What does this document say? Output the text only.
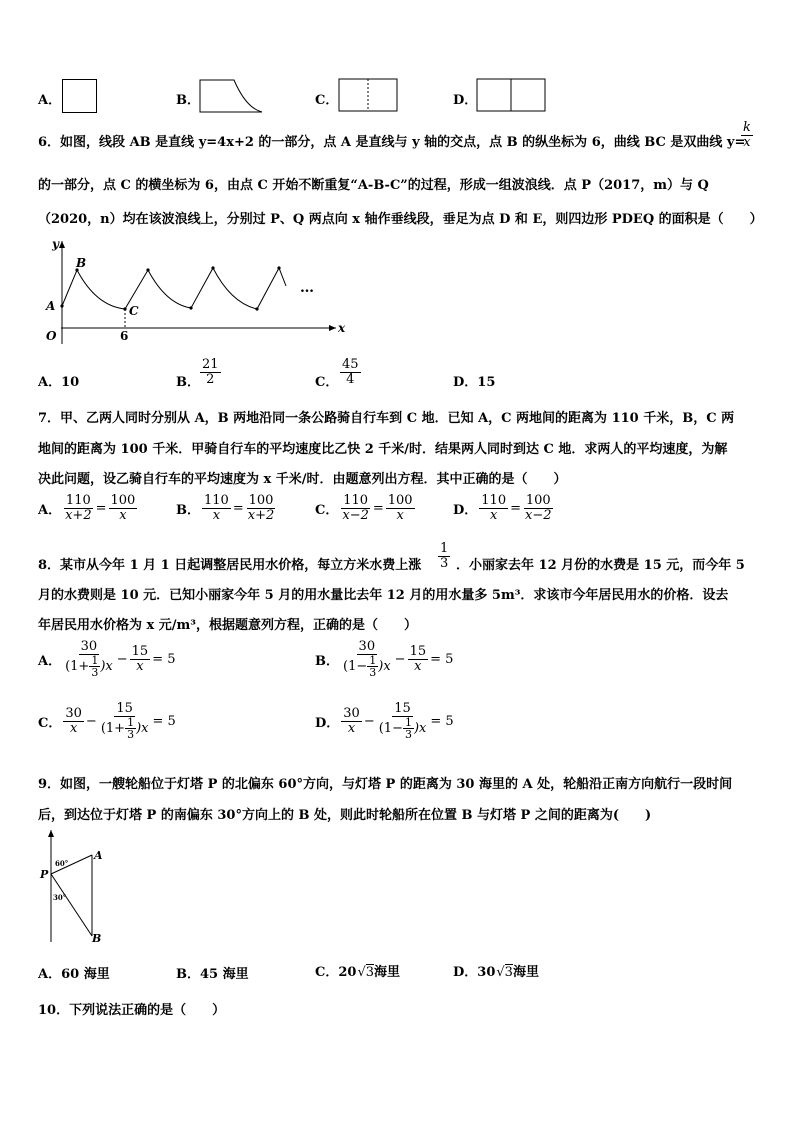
A．	B．	C．	D．
6．如图，线段 AB 是直线 y=4x+2 的一部分，点 A 是直线与 y 轴的交点，点 B 的纵坐标为 6，曲线 BC 是双曲线 y=
$\frac{k}{x}$
的一部分，点 C 的横坐标为 6，由点 C 开始不断重复“A-B-C”的过程，形成一组波浪线．点 P（2017，m）与 Q
（2020，n）均在该波浪线上，分别过 P、Q 两点向 x 轴作垂线段，垂足为点 D 和 E，则四边形 PDEQ 的面积是（　　）
y
x
O
A
B
C
6
…
A．10	B． $\frac{21}{2}$	C． $\frac{45}{4}$	D．15
7．甲、乙两人同时分别从 A，B 两地沿同一条公路骑自行车到 C 地．已知 A，C 两地间的距离为 110 千米，B，C 两
地间的距离为 100 千米．甲骑自行车的平均速度比乙快 2 千米/时．结果两人同时到达 C 地．求两人的平均速度，为解
决此问题，设乙骑自行车的平均速度为 x 千米/时．由题意列出方程．其中正确的是（　　）
A． $\frac{110}{x+2} = \frac{100}{x}$	B． $\frac{110}{x} = \frac{100}{x+2}$	C． $\frac{110}{x-2} = \frac{100}{x}$	D． $\frac{110}{x} = \frac{100}{x-2}$
8．某市从今年 1 月 1 日起调整居民用水价格，每立方米水费上涨 $\frac{1}{3}$ ．小丽家去年 12 月份的水费是 15 元，而今年 5
月的水费则是 10 元．已知小丽家今年 5 月的用水量比去年 12 月的用水量多 5m³．求该市今年居民用水的价格．设去
年居民用水价格为 x 元/m³，根据题意列方程，正确的是（　　）
A． $\frac{30}{(1+ \frac{1}{3} )x} - \frac{15}{x} = 5$	B． $\frac{30}{(1- \frac{1}{3} )x} - \frac{15}{x} = 5$
C． $\frac{30}{x} - \frac{15}{(1+ \frac{1}{3} )x} = 5$	D． $\frac{30}{x} - \frac{15}{(1- \frac{1}{3} )x} = 5$
9．如图，一艘轮船位于灯塔 P 的北偏东 60°方向，与灯塔 P 的距离为 30 海里的 A 处，轮船沿正南方向航行一段时间
后，到达位于灯塔 P 的南偏东 30°方向上的 B 处，则此时轮船所在位置 B 与灯塔 P 之间的距离为(　　)
P
A
B
60°
30°
A．60 海里	B．45 海里	C．20 √ 3 海里	D．30 √ 3 海里
10．下列说法正确的是（　　）
